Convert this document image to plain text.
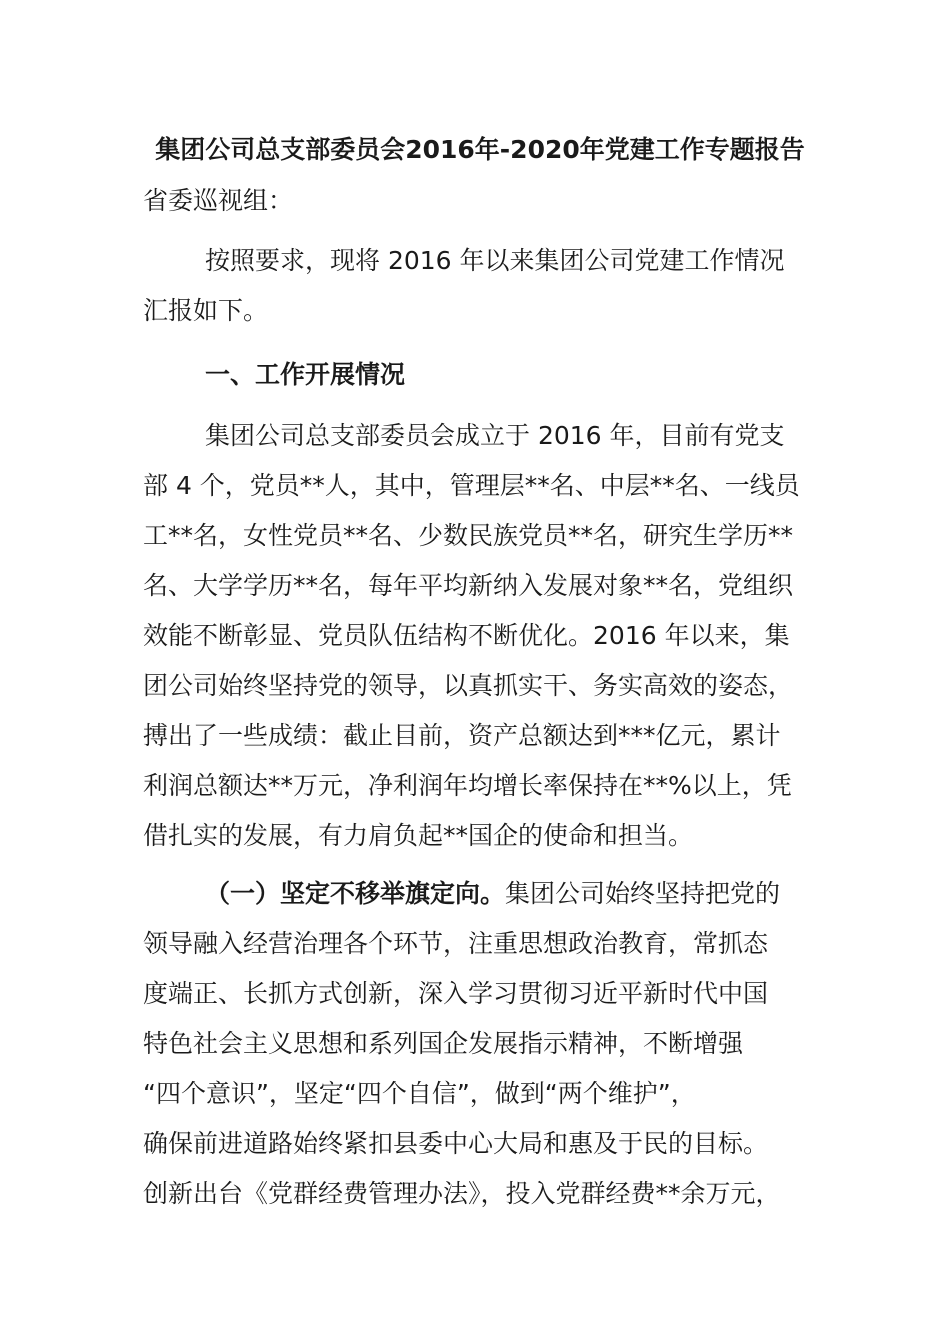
集团公司总支部委员会2016年-2020年党建工作专题报告

省委巡视组：

按照要求，现将 2016 年以来集团公司党建工作情况
汇报如下。

一、工作开展情况

集团公司总支部委员会成立于 2016 年，目前有党支
部 4 个，党员**人，其中，管理层**名、中层**名、一线员
工**名，女性党员**名、少数民族党员**名，研究生学历**
名、大学学历**名，每年平均新纳入发展对象**名，党组织
效能不断彰显、党员队伍结构不断优化。2016 年以来，集
团公司始终坚持党的领导，以真抓实干、务实高效的姿态，
搏出了一些成绩：截止目前，资产总额达到***亿元，累计
利润总额达**万元，净利润年均增长率保持在**%以上，凭
借扎实的发展，有力肩负起**国企的使命和担当。

（一）坚定不移举旗定向。集团公司始终坚持把党的
领导融入经营治理各个环节，注重思想政治教育，常抓态
度端正、长抓方式创新，深入学习贯彻习近平新时代中国
特色社会主义思想和系列国企发展指示精神，不断增强
“四个意识”，坚定“四个自信”，做到“两个维护”，
确保前进道路始终紧扣县委中心大局和惠及于民的目标。
创新出台《党群经费管理办法》，投入党群经费**余万元，
